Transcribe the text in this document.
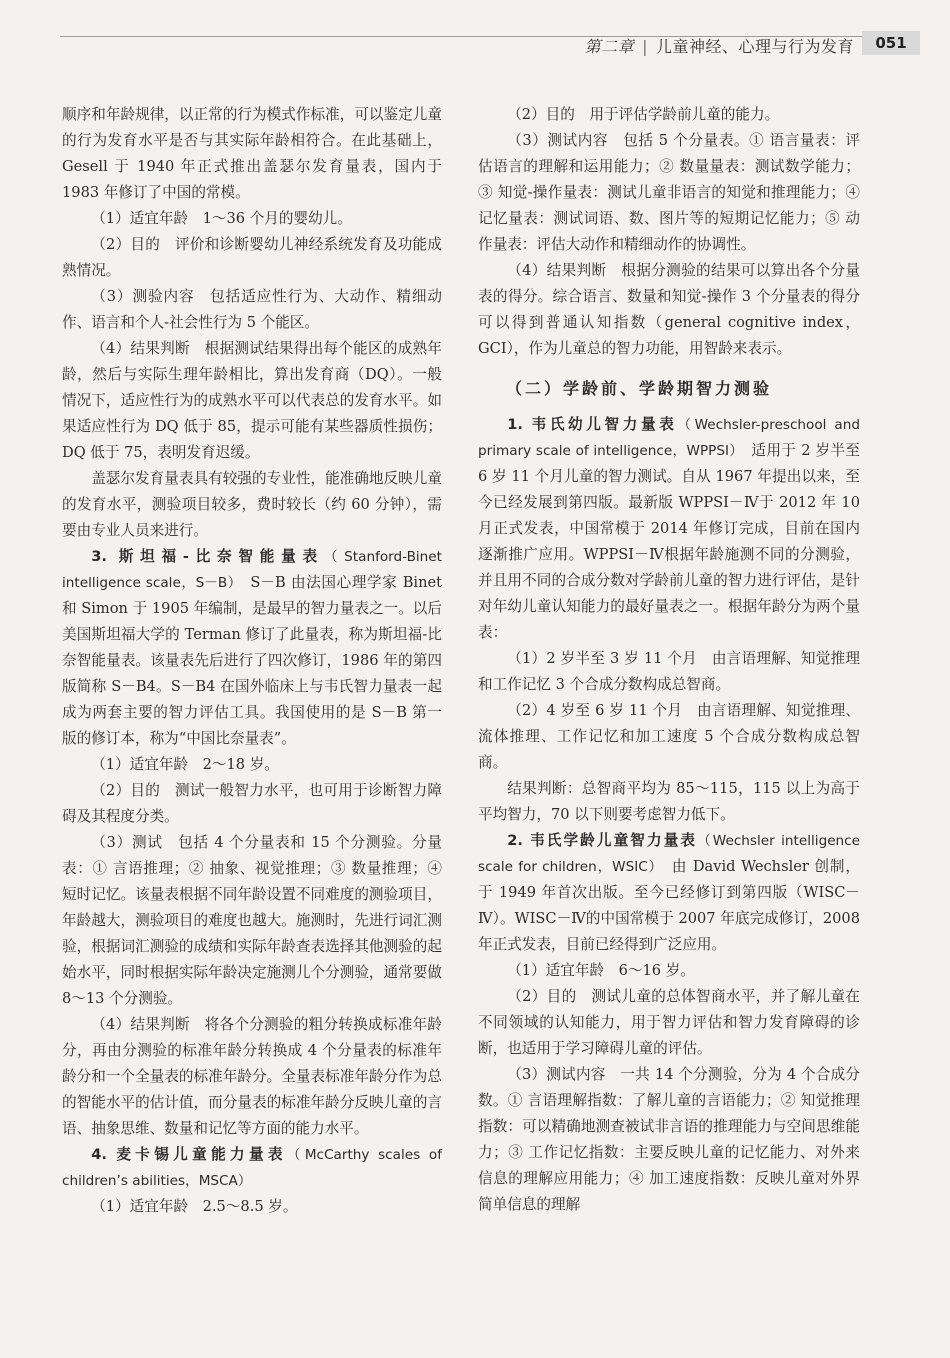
第二章 | 儿童神经、心理与行为发育	051

顺序和年龄规律，以正常的行为模式作标准，可以鉴定儿童的行为发育水平是否与其实际年龄相符合。在此基础上，Gesell 于 1940 年正式推出盖瑟尔发育量表，国内于 1983 年修订了中国的常模。

（1）适宜年龄　1～36 个月的婴幼儿。

（2）目的　评价和诊断婴幼儿神经系统发育及功能成熟情况。

（3）测验内容　包括适应性行为、大动作、精细动作、语言和个人-社会性行为 5 个能区。

（4）结果判断　根据测试结果得出每个能区的成熟年龄，然后与实际生理年龄相比，算出发育商（DQ）。一般情况下，适应性行为的成熟水平可以代表总的发育水平。如果适应性行为 DQ 低于 85，提示可能有某些器质性损伤；DQ 低于 75，表明发育迟缓。

盖瑟尔发育量表具有较强的专业性，能准确地反映儿童的发育水平，测验项目较多，费时较长（约 60 分钟），需要由专业人员来进行。

3. 斯坦福-比奈智能量表（Stanford-Binet intelligence scale，S－B）　S－B 由法国心理学家 Binet 和 Simon 于 1905 年编制，是最早的智力量表之一。以后美国斯坦福大学的 Terman 修订了此量表，称为斯坦福-比奈智能量表。该量表先后进行了四次修订，1986 年的第四版简称 S－B4。S－B4 在国外临床上与韦氏智力量表一起成为两套主要的智力评估工具。我国使用的是 S－B 第一版的修订本，称为“中国比奈量表”。

（1）适宜年龄　2～18 岁。

（2）目的　测试一般智力水平，也可用于诊断智力障碍及其程度分类。

（3）测试　包括 4 个分量表和 15 个分测验。分量表：① 言语推理；② 抽象、视觉推理；③ 数量推理；④ 短时记忆。该量表根据不同年龄设置不同难度的测验项目，年龄越大，测验项目的难度也越大。施测时，先进行词汇测验，根据词汇测验的成绩和实际年龄查表选择其他测验的起始水平，同时根据实际年龄决定施测儿个分测验，通常要做 8～13 个分测验。

（4）结果判断　将各个分测验的粗分转换成标准年龄分，再由分测验的标准年龄分转换成 4 个分量表的标准年龄分和一个全量表的标准年龄分。全量表标准年龄分作为总的智能水平的估计值，而分量表的标准年龄分反映儿童的言语、抽象思维、数量和记忆等方面的能力水平。

4. 麦卡锡儿童能力量表（McCarthy scales of children’s abilities，MSCA）

（1）适宜年龄　2.5～8.5 岁。

（2）目的　用于评估学龄前儿童的能力。

（3）测试内容　包括 5 个分量表。① 语言量表：评估语言的理解和运用能力；② 数量量表：测试数学能力；③ 知觉-操作量表：测试儿童非语言的知觉和推理能力；④ 记忆量表：测试词语、数、图片等的短期记忆能力；⑤ 动作量表：评估大动作和精细动作的协调性。

（4）结果判断　根据分测验的结果可以算出各个分量表的得分。综合语言、数量和知觉-操作 3 个分量表的得分可以得到普通认知指数（general cognitive index，GCI），作为儿童总的智力功能，用智龄来表示。

（二）学龄前、学龄期智力测验

1. 韦氏幼儿智力量表（Wechsler-preschool and primary scale of intelligence，WPPSI）　适用于 2 岁半至 6 岁 11 个月儿童的智力测试。自从 1967 年提出以来，至今已经发展到第四版。最新版 WPPSI－Ⅳ于 2012 年 10 月正式发表，中国常模于 2014 年修订完成，目前在国内逐渐推广应用。WPPSI－Ⅳ根据年龄施测不同的分测验，并且用不同的合成分数对学龄前儿童的智力进行评估，是针对年幼儿童认知能力的最好量表之一。根据年龄分为两个量表：

（1）2 岁半至 3 岁 11 个月　由言语理解、知觉推理和工作记忆 3 个合成分数构成总智商。

（2）4 岁至 6 岁 11 个月　由言语理解、知觉推理、流体推理、工作记忆和加工速度 5 个合成分数构成总智商。

结果判断：总智商平均为 85～115，115 以上为高于平均智力，70 以下则要考虑智力低下。

2. 韦氏学龄儿童智力量表（Wechsler intelligence scale for children，WSIC）　由 David Wechsler 创制，于 1949 年首次出版。至今已经修订到第四版（WISC－Ⅳ）。WISC－Ⅳ的中国常模于 2007 年底完成修订，2008 年正式发表，目前已经得到广泛应用。

（1）适宜年龄　6～16 岁。

（2）目的　测试儿童的总体智商水平，并了解儿童在不同领域的认知能力，用于智力评估和智力发育障碍的诊断，也适用于学习障碍儿童的评估。

（3）测试内容　一共 14 个分测验，分为 4 个合成分数。① 言语理解指数：了解儿童的言语能力；② 知觉推理指数：可以精确地测查被试非言语的推理能力与空间思维能力；③ 工作记忆指数：主要反映儿童的记忆能力、对外来信息的理解应用能力；④ 加工速度指数：反映儿童对外界简单信息的理解
